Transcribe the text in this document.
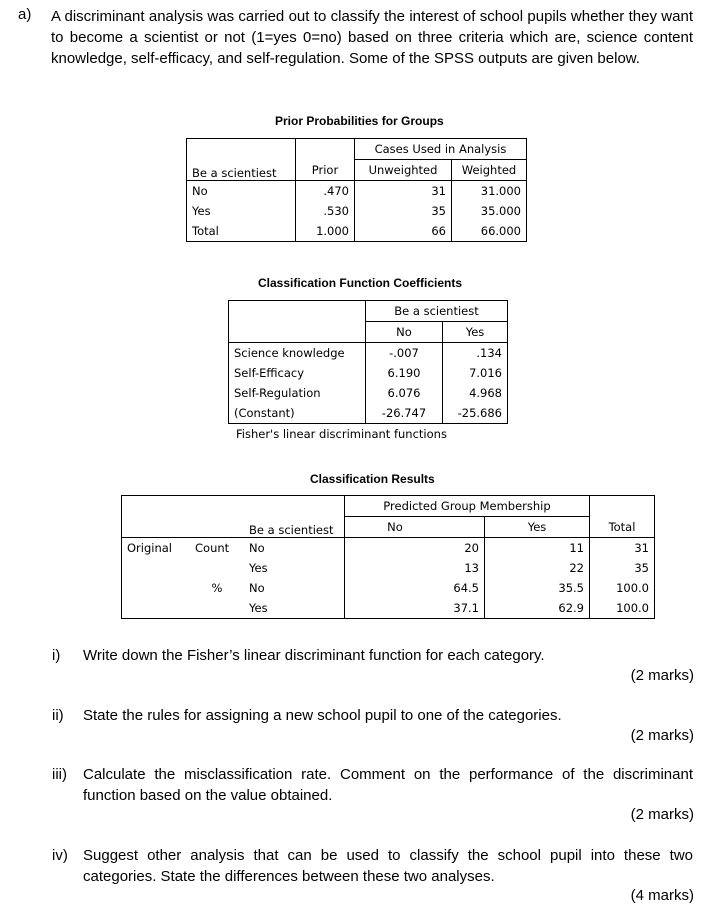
a) A discriminant analysis was carried out to classify the interest of school pupils whether they want to become a scientist or not (1=yes 0=no) based on three criteria which are, science content knowledge, self-efficacy, and self-regulation. Some of the SPSS outputs are given below.
Prior Probabilities for Groups
		Cases Used in Analysis	
Be a scientiest	Prior	Unweighted	Weighted
No	.470	31	31.000
Yes	.530	35	35.000
Total	1.000	66	66.000
Classification Function Coefficients
	Be a scientiest	
	No	Yes
Science knowledge	-.007	.134
Self-Efficacy	6.190	7.016
Self-Regulation	6.076	4.968
(Constant)	-26.747	-25.686
Fisher's linear discriminant functions
Classification Results
			Predicted Group Membership		
		Be a scientiest	No	Yes	Total
Original	Count	No	20	11	31
		Yes	13	22	35
	%	No	64.5	35.5	100.0
		Yes	37.1	62.9	100.0
i) Write down the Fisher’s linear discriminant function for each category.
(2 marks)
ii) State the rules for assigning a new school pupil to one of the categories.
(2 marks)
iii) Calculate the misclassification rate. Comment on the performance of the discriminant function based on the value obtained.
(2 marks)
iv) Suggest other analysis that can be used to classify the school pupil into these two categories. State the differences between these two analyses.
(4 marks)
